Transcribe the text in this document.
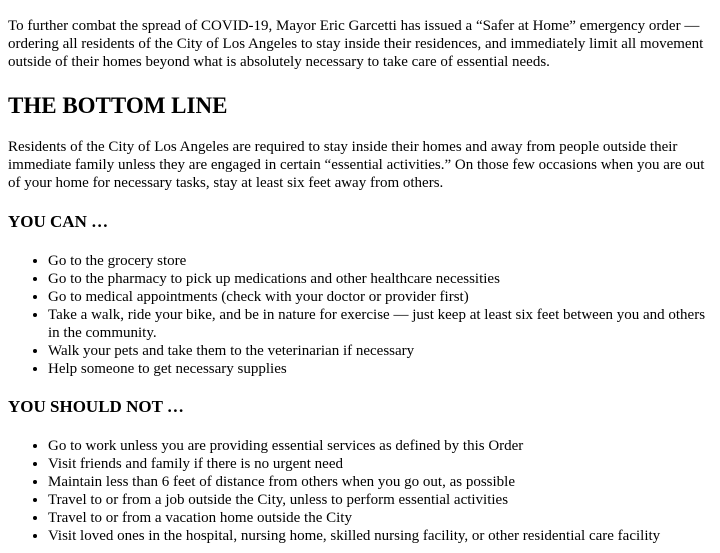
To further combat the spread of COVID-19, Mayor Eric Garcetti has issued a “Safer at Home” emergency order — ordering all residents of the City of Los Angeles to stay inside their residences, and immediately limit all movement outside of their homes beyond what is absolutely necessary to take care of essential needs.

THE BOTTOM LINE

Residents of the City of Los Angeles are required to stay inside their homes and away from people outside their immediate family unless they are engaged in certain “essential activities.” On those few occasions when you are out of your home for necessary tasks, stay at least six feet away from others.

YOU CAN …
• Go to the grocery store
• Go to the pharmacy to pick up medications and other healthcare necessities
• Go to medical appointments (check with your doctor or provider first)
• Take a walk, ride your bike, and be in nature for exercise — just keep at least six feet between you and others in the community.
• Walk your pets and take them to the veterinarian if necessary
• Help someone to get necessary supplies
YOU SHOULD NOT …
• Go to work unless you are providing essential services as defined by this Order
• Visit friends and family if there is no urgent need
• Maintain less than 6 feet of distance from others when you go out, as possible
• Travel to or from a job outside the City, unless to perform essential activities
• Travel to or from a vacation home outside the City
• Visit loved ones in the hospital, nursing home, skilled nursing facility, or other residential care facility
